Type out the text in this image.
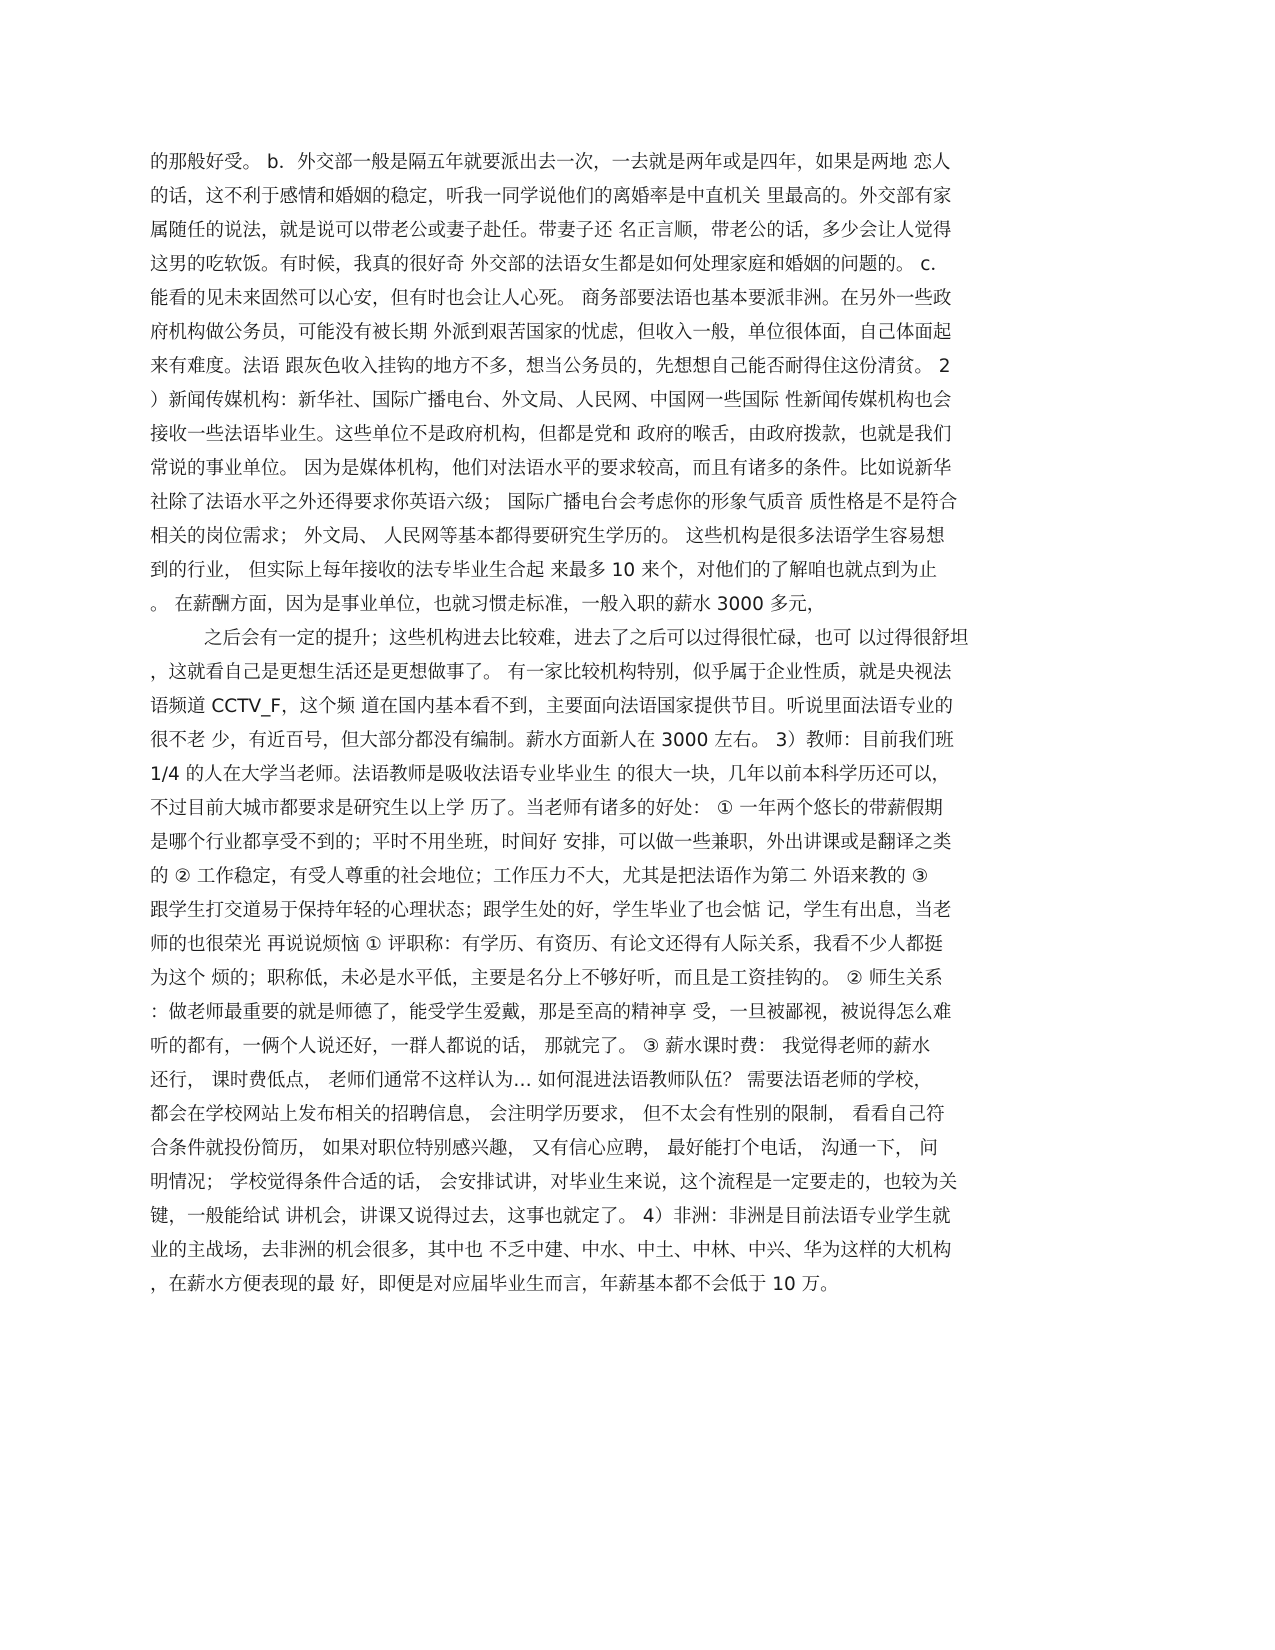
的那般好受。 b．外交部一般是隔五年就要派出去一次，一去就是两年或是四年，如果是两地 恋人
的话，这不利于感情和婚姻的稳定，听我一同学说他们的离婚率是中直机关 里最高的。外交部有家
属随任的说法，就是说可以带老公或妻子赴任。带妻子还 名正言顺，带老公的话，多少会让人觉得
这男的吃软饭。有时候，我真的很好奇 外交部的法语女生都是如何处理家庭和婚姻的问题的。 c．
能看的见未来固然可以心安，但有时也会让人心死。 商务部要法语也基本要派非洲。在另外一些政
府机构做公务员，可能没有被长期 外派到艰苦国家的忧虑，但收入一般，单位很体面，自己体面起
来有难度。法语 跟灰色收入挂钩的地方不多，想当公务员的，先想想自己能否耐得住这份清贫。 2
）新闻传媒机构：新华社、国际广播电台、外文局、人民网、中国网一些国际 性新闻传媒机构也会
接收一些法语毕业生。这些单位不是政府机构，但都是党和 政府的喉舌，由政府拨款，也就是我们
常说的事业单位。 因为是媒体机构，他们对法语水平的要求较高，而且有诸多的条件。比如说新华
社除了法语水平之外还得要求你英语六级； 国际广播电台会考虑你的形象气质音 质性格是不是符合
相关的岗位需求； 外文局、 人民网等基本都得要研究生学历的。 这些机构是很多法语学生容易想
到的行业， 但实际上每年接收的法专毕业生合起 来最多 10 来个，对他们的了解咱也就点到为止
。 在薪酬方面，因为是事业单位，也就习惯走标准，一般入职的薪水 3000 多元，
之后会有一定的提升；这些机构进去比较难，进去了之后可以过得很忙碌，也可 以过得很舒坦
，这就看自己是更想生活还是更想做事了。 有一家比较机构特别，似乎属于企业性质，就是央视法
语频道 CCTV_F，这个频 道在国内基本看不到，主要面向法语国家提供节目。听说里面法语专业的
很不老 少，有近百号，但大部分都没有编制。薪水方面新人在 3000 左右。 3）教师：目前我们班
1/4 的人在大学当老师。法语教师是吸收法语专业毕业生 的很大一块，几年以前本科学历还可以，
不过目前大城市都要求是研究生以上学 历了。当老师有诸多的好处： ① 一年两个悠长的带薪假期
是哪个行业都享受不到的；平时不用坐班，时间好 安排，可以做一些兼职，外出讲课或是翻译之类
的 ② 工作稳定，有受人尊重的社会地位；工作压力不大，尤其是把法语作为第二 外语来教的 ③
跟学生打交道易于保持年轻的心理状态；跟学生处的好，学生毕业了也会惦 记，学生有出息，当老
师的也很荣光 再说说烦恼 ① 评职称：有学历、有资历、有论文还得有人际关系，我看不少人都挺
为这个 烦的；职称低，未必是水平低，主要是名分上不够好听，而且是工资挂钩的。 ② 师生关系
：做老师最重要的就是师德了，能受学生爱戴，那是至高的精神享 受，一旦被鄙视，被说得怎么难
听的都有，一俩个人说还好，一群人都说的话， 那就完了。 ③ 薪水课时费： 我觉得老师的薪水
还行， 课时费低点， 老师们通常不这样认为… 如何混进法语教师队伍？ 需要法语老师的学校，
都会在学校网站上发布相关的招聘信息， 会注明学历要求， 但不太会有性别的限制， 看看自己符
合条件就投份简历， 如果对职位特别感兴趣， 又有信心应聘， 最好能打个电话， 沟通一下， 问
明情况； 学校觉得条件合适的话， 会安排试讲，对毕业生来说，这个流程是一定要走的，也较为关
键，一般能给试 讲机会，讲课又说得过去，这事也就定了。 4）非洲：非洲是目前法语专业学生就
业的主战场，去非洲的机会很多，其中也 不乏中建、中水、中土、中林、中兴、华为这样的大机构
，在薪水方便表现的最 好，即便是对应届毕业生而言，年薪基本都不会低于 10 万。
